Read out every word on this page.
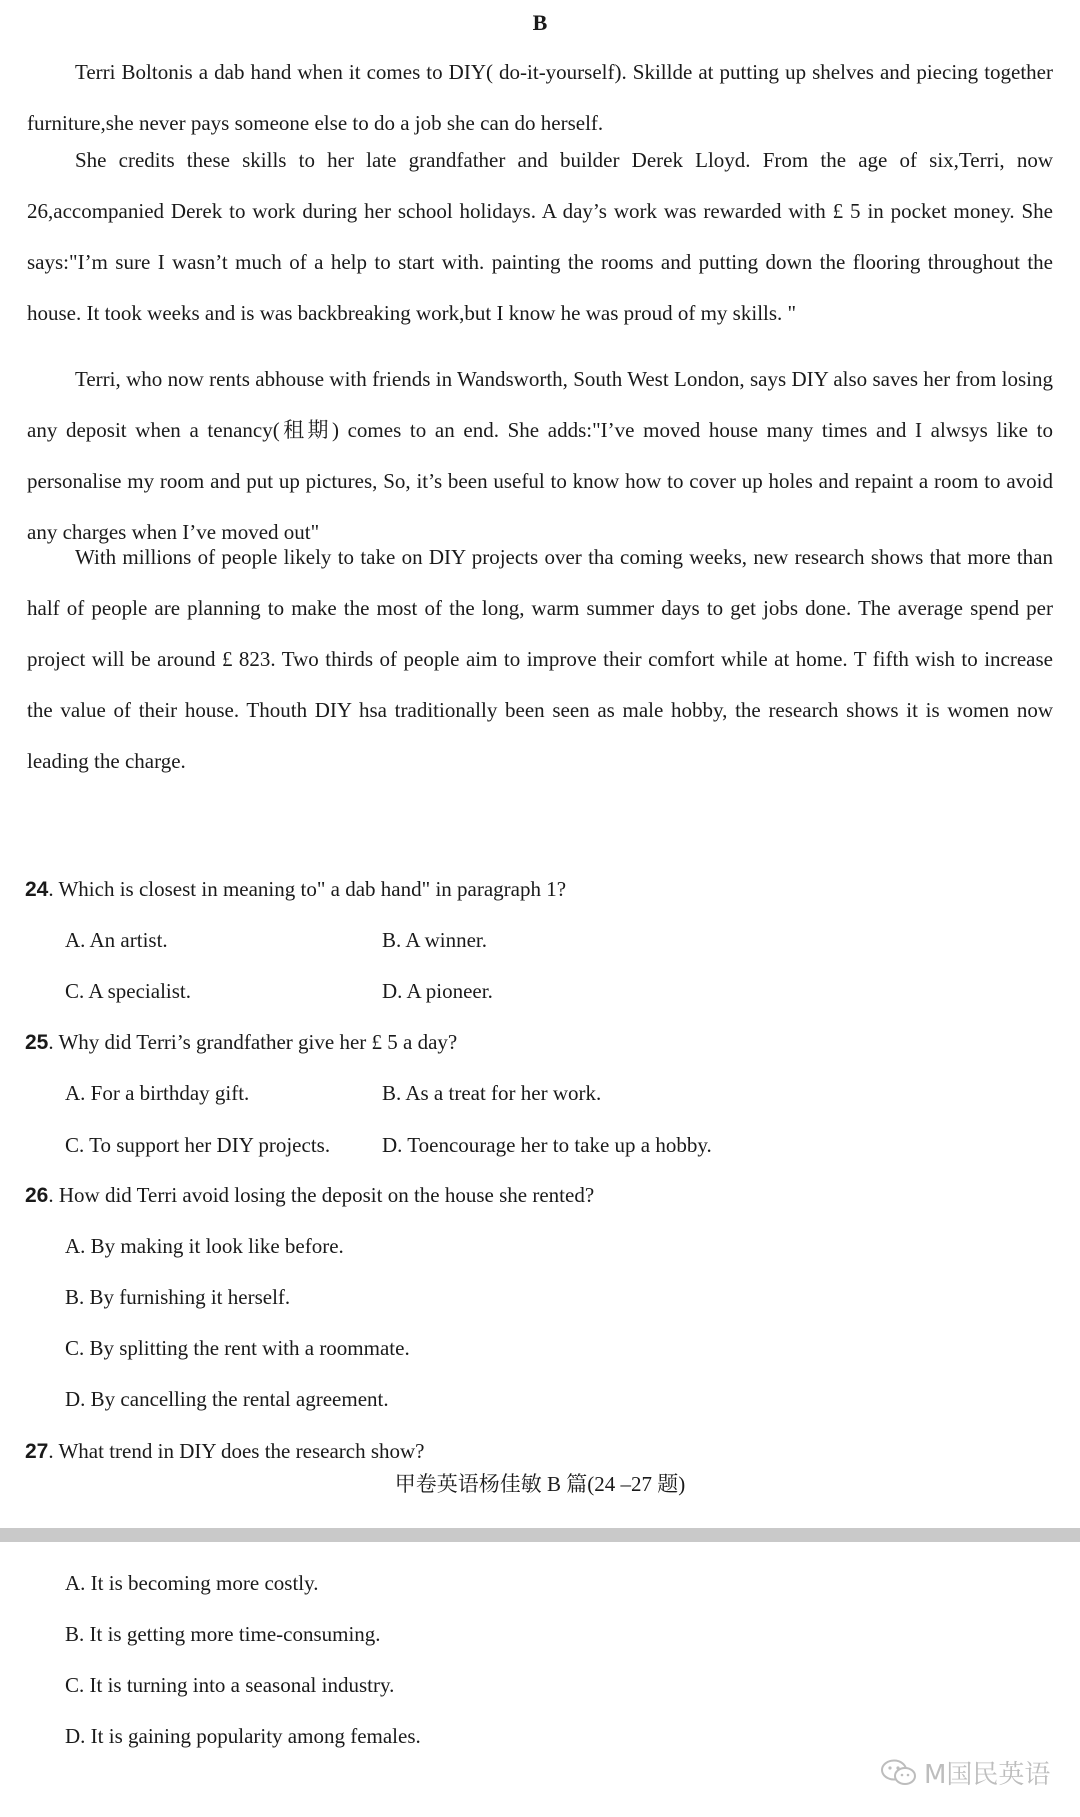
B

Terri Boltonis a dab hand when it comes to DIY( do-it-yourself). Skillde at putting up shelves and piecing together furniture,she never pays someone else to do a job she can do herself.

She credits these skills to her late grandfather and builder Derek Lloyd. From the age of six,Terri, now 26,accompanied Derek to work during her school holidays. A day’s work was rewarded with £ 5 in pocket money. She says:"I’m sure I wasn’t much of a help to start with. painting the rooms and putting down the flooring throughout the house. It took weeks and is was backbreaking work,but I know he was proud of my skills. "

Terri, who now rents abhouse with friends in Wandsworth, South West London, says DIY also saves her from losing any deposit when a tenancy(租期) comes to an end. She adds:"I’ve moved house many times and I alwsys like to personalise my room and put up pictures, So, it’s been useful to know how to cover up holes and repaint a room to avoid any charges when I’ve moved out"

With millions of people likely to take on DIY projects over tha coming weeks, new research shows that more than half of people are planning to make the most of the long, warm summer days to get jobs done. The average spend per project will be around £ 823. Two thirds of people aim to improve their comfort while at home. T fifth wish to increase the value of their house. Thouth DIY hsa traditionally been seen as male hobby, the research shows it is women now leading the charge.

24. Which is closest in meaning to" a dab hand" in paragraph 1?
A. An artist.	B. A winner.
C. A specialist.	D. A pioneer.
25. Why did Terri’s grandfather give her £ 5 a day?
A. For a birthday gift.	B. As a treat for her work.
C. To support her DIY projects. D. Toencourage her to take up a hobby.
26. How did Terri avoid losing the deposit on the house she rented?
A. By making it look like before.
B. By furnishing it herself.
C. By splitting the rent with a roommate.
D. By cancelling the rental agreement.
27. What trend in DIY does the research show?
甲卷英语杨佳敏 B 篇(24 –27 题)
A. It is becoming more costly.
B. It is getting more time-consuming.
C. It is turning into a seasonal industry.
D. It is gaining popularity among females.
M国民英语
